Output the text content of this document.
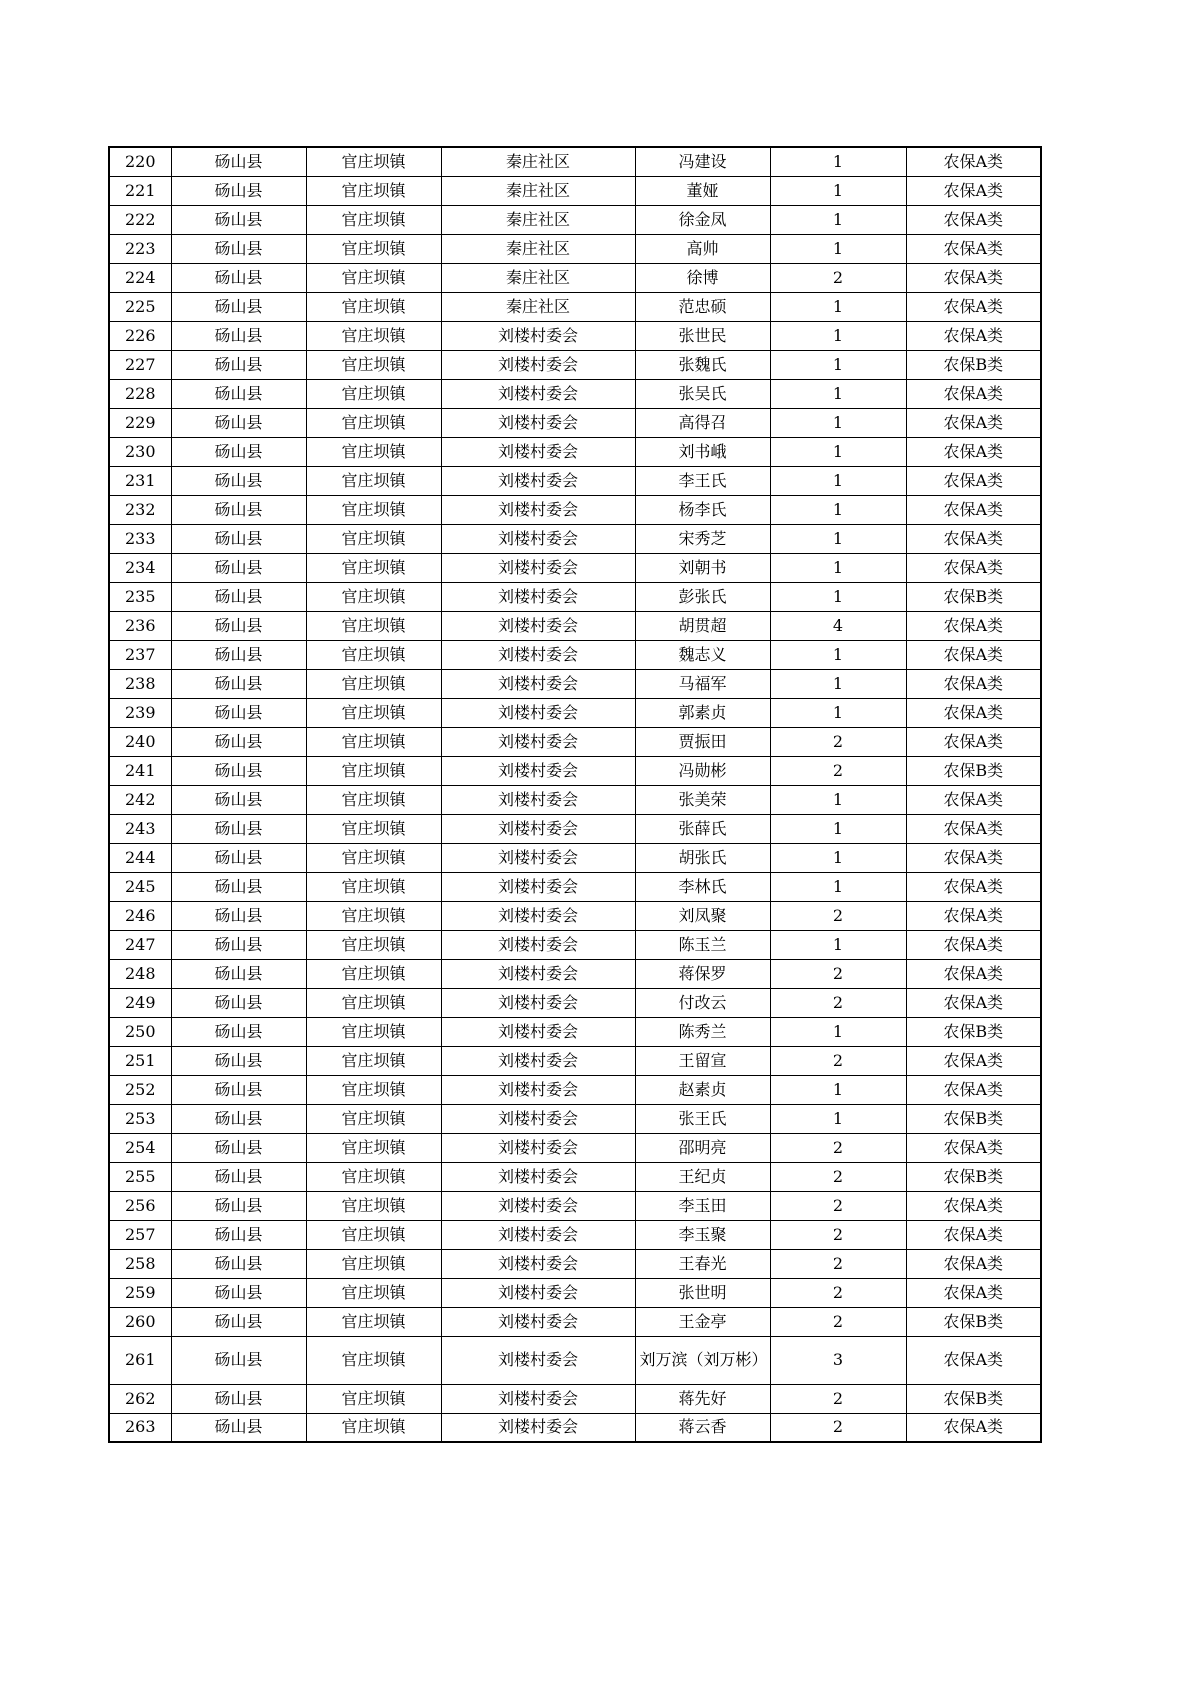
220	砀山县	官庄坝镇	秦庄社区	冯建设	1	农保A类
221	砀山县	官庄坝镇	秦庄社区	董娅	1	农保A类
222	砀山县	官庄坝镇	秦庄社区	徐金凤	1	农保A类
223	砀山县	官庄坝镇	秦庄社区	高帅	1	农保A类
224	砀山县	官庄坝镇	秦庄社区	徐博	2	农保A类
225	砀山县	官庄坝镇	秦庄社区	范忠硕	1	农保A类
226	砀山县	官庄坝镇	刘楼村委会	张世民	1	农保A类
227	砀山县	官庄坝镇	刘楼村委会	张魏氏	1	农保B类
228	砀山县	官庄坝镇	刘楼村委会	张吴氏	1	农保A类
229	砀山县	官庄坝镇	刘楼村委会	高得召	1	农保A类
230	砀山县	官庄坝镇	刘楼村委会	刘书峨	1	农保A类
231	砀山县	官庄坝镇	刘楼村委会	李王氏	1	农保A类
232	砀山县	官庄坝镇	刘楼村委会	杨李氏	1	农保A类
233	砀山县	官庄坝镇	刘楼村委会	宋秀芝	1	农保A类
234	砀山县	官庄坝镇	刘楼村委会	刘朝书	1	农保A类
235	砀山县	官庄坝镇	刘楼村委会	彭张氏	1	农保B类
236	砀山县	官庄坝镇	刘楼村委会	胡贯超	4	农保A类
237	砀山县	官庄坝镇	刘楼村委会	魏志义	1	农保A类
238	砀山县	官庄坝镇	刘楼村委会	马福军	1	农保A类
239	砀山县	官庄坝镇	刘楼村委会	郭素贞	1	农保A类
240	砀山县	官庄坝镇	刘楼村委会	贾振田	2	农保A类
241	砀山县	官庄坝镇	刘楼村委会	冯勋彬	2	农保B类
242	砀山县	官庄坝镇	刘楼村委会	张美荣	1	农保A类
243	砀山县	官庄坝镇	刘楼村委会	张薛氏	1	农保A类
244	砀山县	官庄坝镇	刘楼村委会	胡张氏	1	农保A类
245	砀山县	官庄坝镇	刘楼村委会	李林氏	1	农保A类
246	砀山县	官庄坝镇	刘楼村委会	刘凤聚	2	农保A类
247	砀山县	官庄坝镇	刘楼村委会	陈玉兰	1	农保A类
248	砀山县	官庄坝镇	刘楼村委会	蒋保罗	2	农保A类
249	砀山县	官庄坝镇	刘楼村委会	付改云	2	农保A类
250	砀山县	官庄坝镇	刘楼村委会	陈秀兰	1	农保B类
251	砀山县	官庄坝镇	刘楼村委会	王留宣	2	农保A类
252	砀山县	官庄坝镇	刘楼村委会	赵素贞	1	农保A类
253	砀山县	官庄坝镇	刘楼村委会	张王氏	1	农保B类
254	砀山县	官庄坝镇	刘楼村委会	邵明亮	2	农保A类
255	砀山县	官庄坝镇	刘楼村委会	王纪贞	2	农保B类
256	砀山县	官庄坝镇	刘楼村委会	李玉田	2	农保A类
257	砀山县	官庄坝镇	刘楼村委会	李玉聚	2	农保A类
258	砀山县	官庄坝镇	刘楼村委会	王春光	2	农保A类
259	砀山县	官庄坝镇	刘楼村委会	张世明	2	农保A类
260	砀山县	官庄坝镇	刘楼村委会	王金亭	2	农保B类
261	砀山县	官庄坝镇	刘楼村委会	刘万滨（刘万彬）	3	农保A类
262	砀山县	官庄坝镇	刘楼村委会	蒋先好	2	农保B类
263	砀山县	官庄坝镇	刘楼村委会	蒋云香	2	农保A类
